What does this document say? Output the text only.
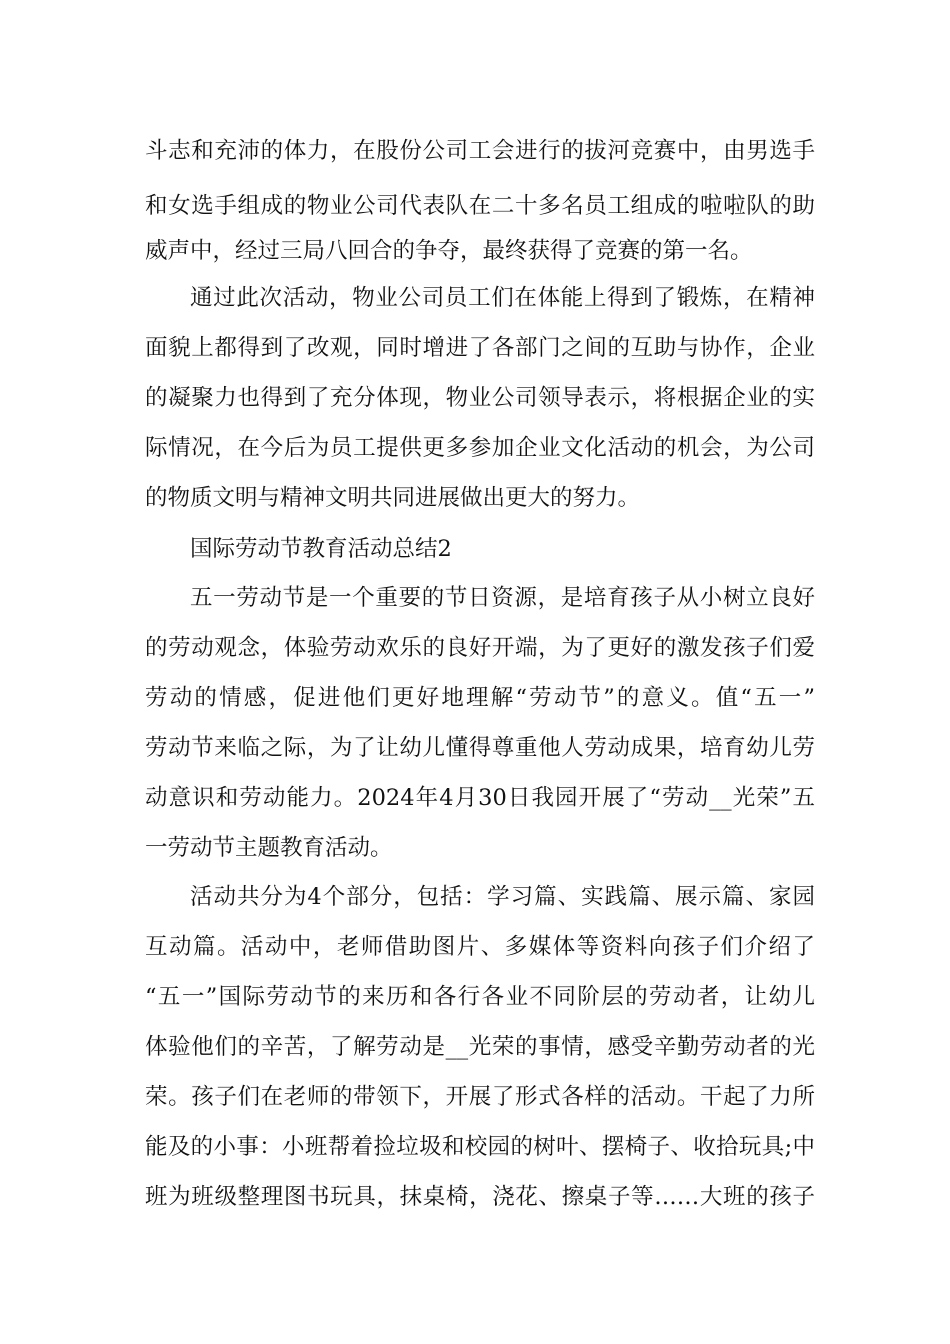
斗志和充沛的体力，在股份公司工会进行的拔河竞赛中，由男选手
和女选手组成的物业公司代表队在二十多名员工组成的啦啦队的助
威声中，经过三局八回合的争夺，最终获得了竞赛的第一名。
通过此次活动，物业公司员工们在体能上得到了锻炼，在精神
面貌上都得到了改观，同时增进了各部门之间的互助与协作，企业
的凝聚力也得到了充分体现，物业公司领导表示，将根据企业的实
际情况，在今后为员工提供更多参加企业文化活动的机会，为公司
的物质文明与精神文明共同进展做出更大的努力。
国际劳动节教育活动总结2
五一劳动节是一个重要的节日资源，是培育孩子从小树立良好
的劳动观念，体验劳动欢乐的良好开端，为了更好的激发孩子们爱
劳动的情感，促进他们更好地理解“劳动节”的意义。值“五一”
劳动节来临之际，为了让幼儿懂得尊重他人劳动成果，培育幼儿劳
动意识和劳动能力。2024年4月30日我园开展了“劳动__光荣”五
一劳动节主题教育活动。
活动共分为4个部分，包括：学习篇、实践篇、展示篇、家园
互动篇。活动中，老师借助图片、多媒体等资料向孩子们介绍了
“五一”国际劳动节的来历和各行各业不同阶层的劳动者，让幼儿
体验他们的辛苦，了解劳动是__光荣的事情，感受辛勤劳动者的光
荣。孩子们在老师的带领下，开展了形式各样的活动。干起了力所
能及的小事：小班帮着捡垃圾和校园的树叶、摆椅子、收拾玩具;中
班为班级整理图书玩具，抹桌椅，浇花、擦桌子等……大班的孩子
